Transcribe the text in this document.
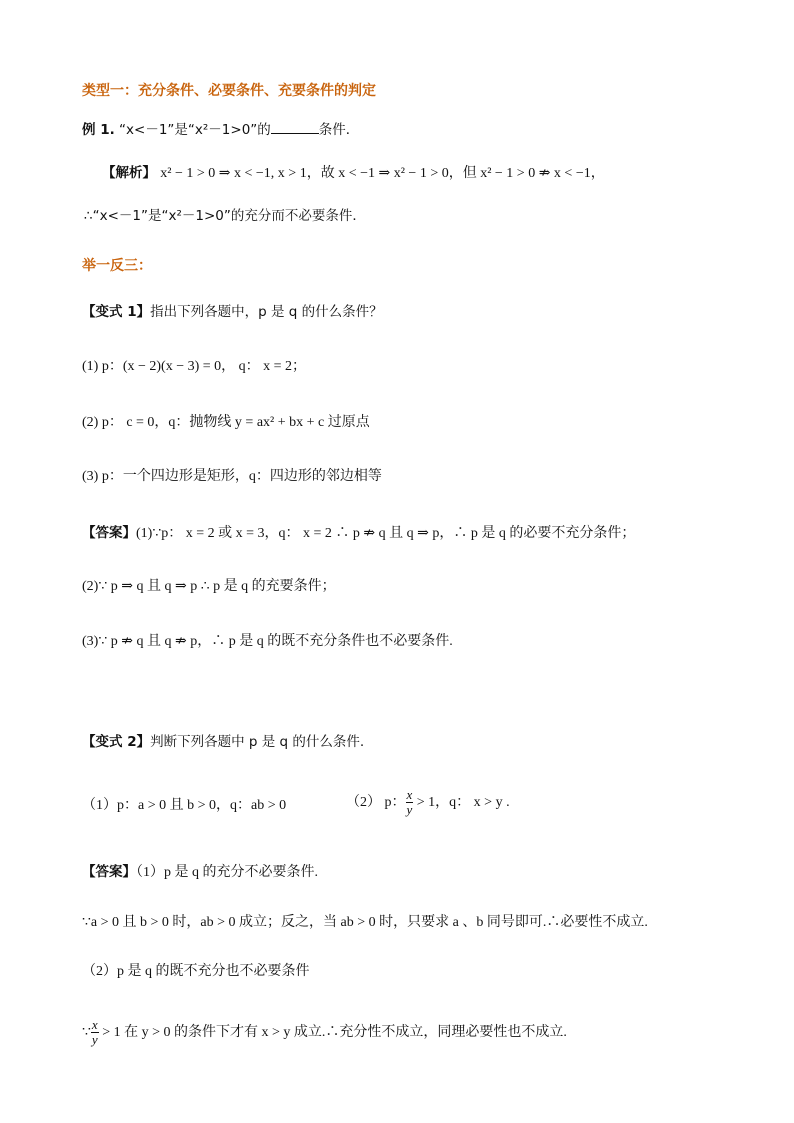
类型一：充分条件、必要条件、充要条件的判定
例 1. “x<－1”是“x²－1>0”的	条件．
【解析】 x² − 1 > 0 ⇒ x < −1, x > 1，故 x < −1 ⇒ x² − 1 > 0，但 x² − 1 > 0 ⇏ x < −1，
∴“x<－1”是“x²－1>0”的充分而不必要条件．
举一反三：
【变式 1】指出下列各题中，p 是 q 的什么条件？
(1) p：(x − 2)(x − 3) = 0， q： x = 2；
(2) p： c = 0，q：抛物线 y = ax² + bx + c 过原点
(3) p：一个四边形是矩形，q：四边形的邻边相等
【答案】(1)∵p： x = 2 或 x = 3，q： x = 2 ∴ p ⇏ q 且 q ⇒ p，∴ p 是 q 的必要不充分条件；
(2)∵ p ⇒ q 且 q ⇒ p ∴ p 是 q 的充要条件；
(3)∵ p ⇏ q 且 q ⇏ p，∴ p 是 q 的既不充分条件也不必要条件.
【变式 2】判断下列各题中 p 是 q 的什么条件.
（1）p：a > 0 且 b > 0，q：ab > 0	（2） p： $\frac{x}{y} > 1$，q： x > y .
【答案】（1）p 是 q 的充分不必要条件.
∵a > 0 且 b > 0 时，ab > 0 成立；反之，当 ab > 0 时，只要求 a 、b 同号即可.∴必要性不成立.
（2）p 是 q 的既不充分也不必要条件
∵ $\frac{x}{y} > 1$ 在 y > 0 的条件下才有 x > y 成立.∴充分性不成立，同理必要性也不成立.
